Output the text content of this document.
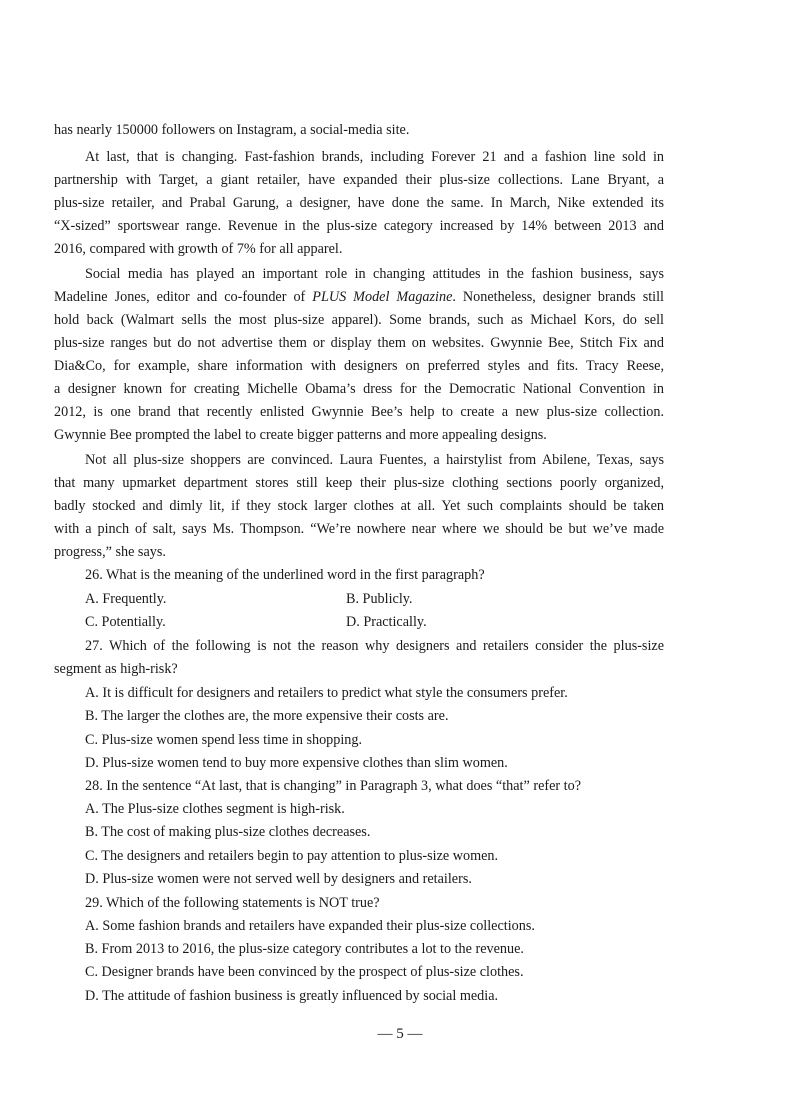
has nearly 150000 followers on Instagram, a social-media site.
At last, that is changing. Fast-fashion brands, including Forever 21 and a fashion line sold in
partnership with Target, a giant retailer, have expanded their plus-size collections. Lane Bryant, a
plus-size retailer, and Prabal Garung, a designer, have done the same. In March, Nike extended its
“X-sized” sportswear range. Revenue in the plus-size category increased by 14% between 2013 and
2016, compared with growth of 7% for all apparel.
Social media has played an important role in changing attitudes in the fashion business, says
Madeline Jones, editor and co-founder of PLUS Model Magazine. Nonetheless, designer brands still
hold back (Walmart sells the most plus-size apparel). Some brands, such as Michael Kors, do sell
plus-size ranges but do not advertise them or display them on websites. Gwynnie Bee, Stitch Fix and
Dia&Co, for example, share information with designers on preferred styles and fits. Tracy Reese,
a designer known for creating Michelle Obama’s dress for the Democratic National Convention in
2012, is one brand that recently enlisted Gwynnie Bee’s help to create a new plus-size collection.
Gwynnie Bee prompted the label to create bigger patterns and more appealing designs.
Not all plus-size shoppers are convinced. Laura Fuentes, a hairstylist from Abilene, Texas, says
that many upmarket department stores still keep their plus-size clothing sections poorly organized,
badly stocked and dimly lit, if they stock larger clothes at all. Yet such complaints should be taken
with a pinch of salt, says Ms. Thompson. “We’re nowhere near where we should be but we’ve made
progress,” she says.
26. What is the meaning of the underlined word in the first paragraph?
A. Frequently.	B. Publicly.
C. Potentially.	D. Practically.
27. Which of the following is not the reason why designers and retailers consider the plus-size
segment as high-risk?
A. It is difficult for designers and retailers to predict what style the consumers prefer.
B. The larger the clothes are, the more expensive their costs are.
C. Plus-size women spend less time in shopping.
D. Plus-size women tend to buy more expensive clothes than slim women.
28. In the sentence “At last, that is changing” in Paragraph 3, what does “that” refer to?
A. The Plus-size clothes segment is high-risk.
B. The cost of making plus-size clothes decreases.
C. The designers and retailers begin to pay attention to plus-size women.
D. Plus-size women were not served well by designers and retailers.
29. Which of the following statements is NOT true?
A. Some fashion brands and retailers have expanded their plus-size collections.
B. From 2013 to 2016, the plus-size category contributes a lot to the revenue.
C. Designer brands have been convinced by the prospect of plus-size clothes.
D. The attitude of fashion business is greatly influenced by social media.
— 5 —
